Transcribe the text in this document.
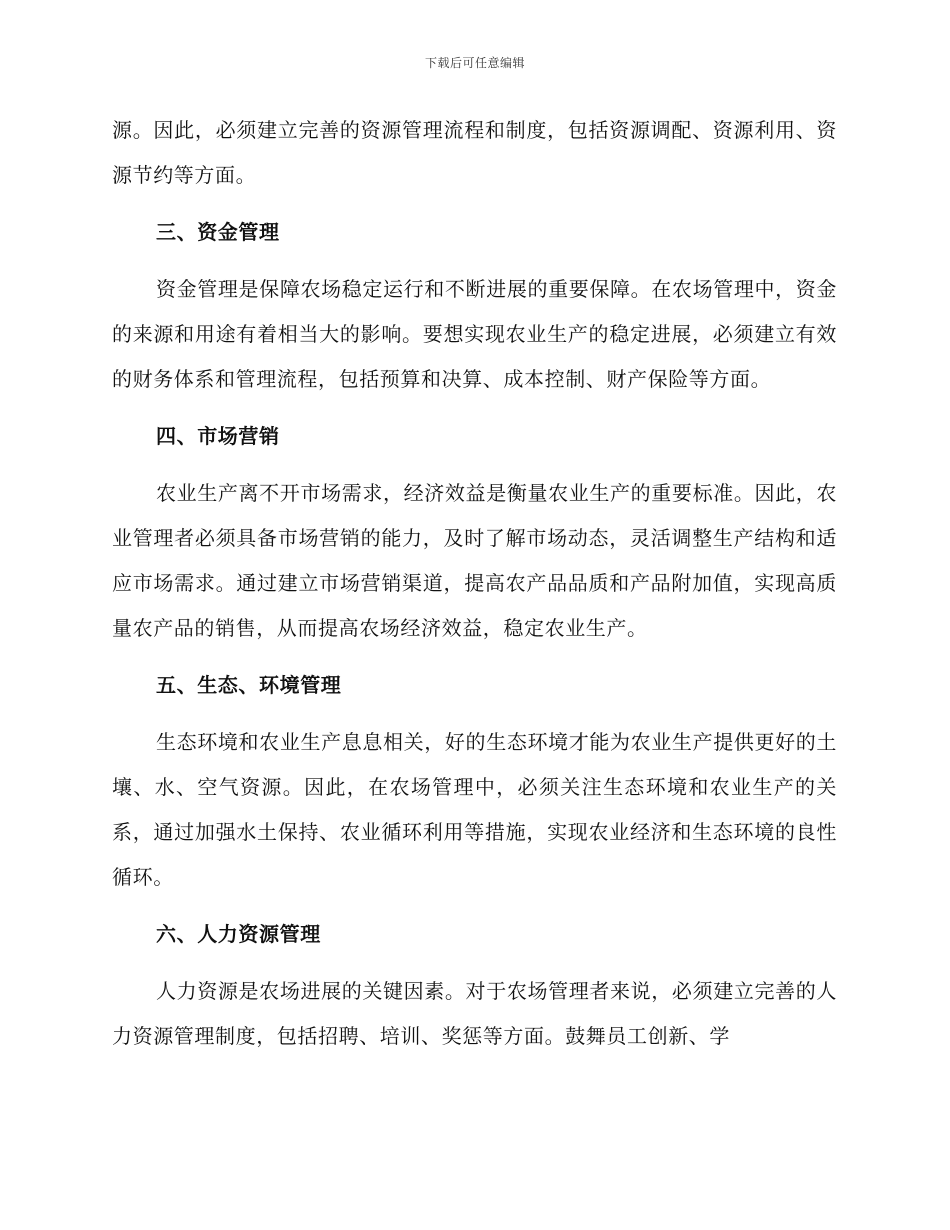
下载后可任意编辑

源。因此，必须建立完善的资源管理流程和制度，包括资源调配、资源利用、资源节约等方面。

三、资金管理

资金管理是保障农场稳定运行和不断进展的重要保障。在农场管理中，资金的来源和用途有着相当大的影响。要想实现农业生产的稳定进展，必须建立有效的财务体系和管理流程，包括预算和决算、成本控制、财产保险等方面。

四、市场营销

农业生产离不开市场需求，经济效益是衡量农业生产的重要标准。因此，农业管理者必须具备市场营销的能力，及时了解市场动态，灵活调整生产结构和适应市场需求。通过建立市场营销渠道，提高农产品品质和产品附加值，实现高质量农产品的销售，从而提高农场经济效益，稳定农业生产。

五、生态、环境管理

生态环境和农业生产息息相关，好的生态环境才能为农业生产提供更好的土壤、水、空气资源。因此，在农场管理中，必须关注生态环境和农业生产的关系，通过加强水土保持、农业循环利用等措施，实现农业经济和生态环境的良性循环。

六、人力资源管理

人力资源是农场进展的关键因素。对于农场管理者来说，必须建立完善的人力资源管理制度，包括招聘、培训、奖惩等方面。鼓舞员工创新、学
